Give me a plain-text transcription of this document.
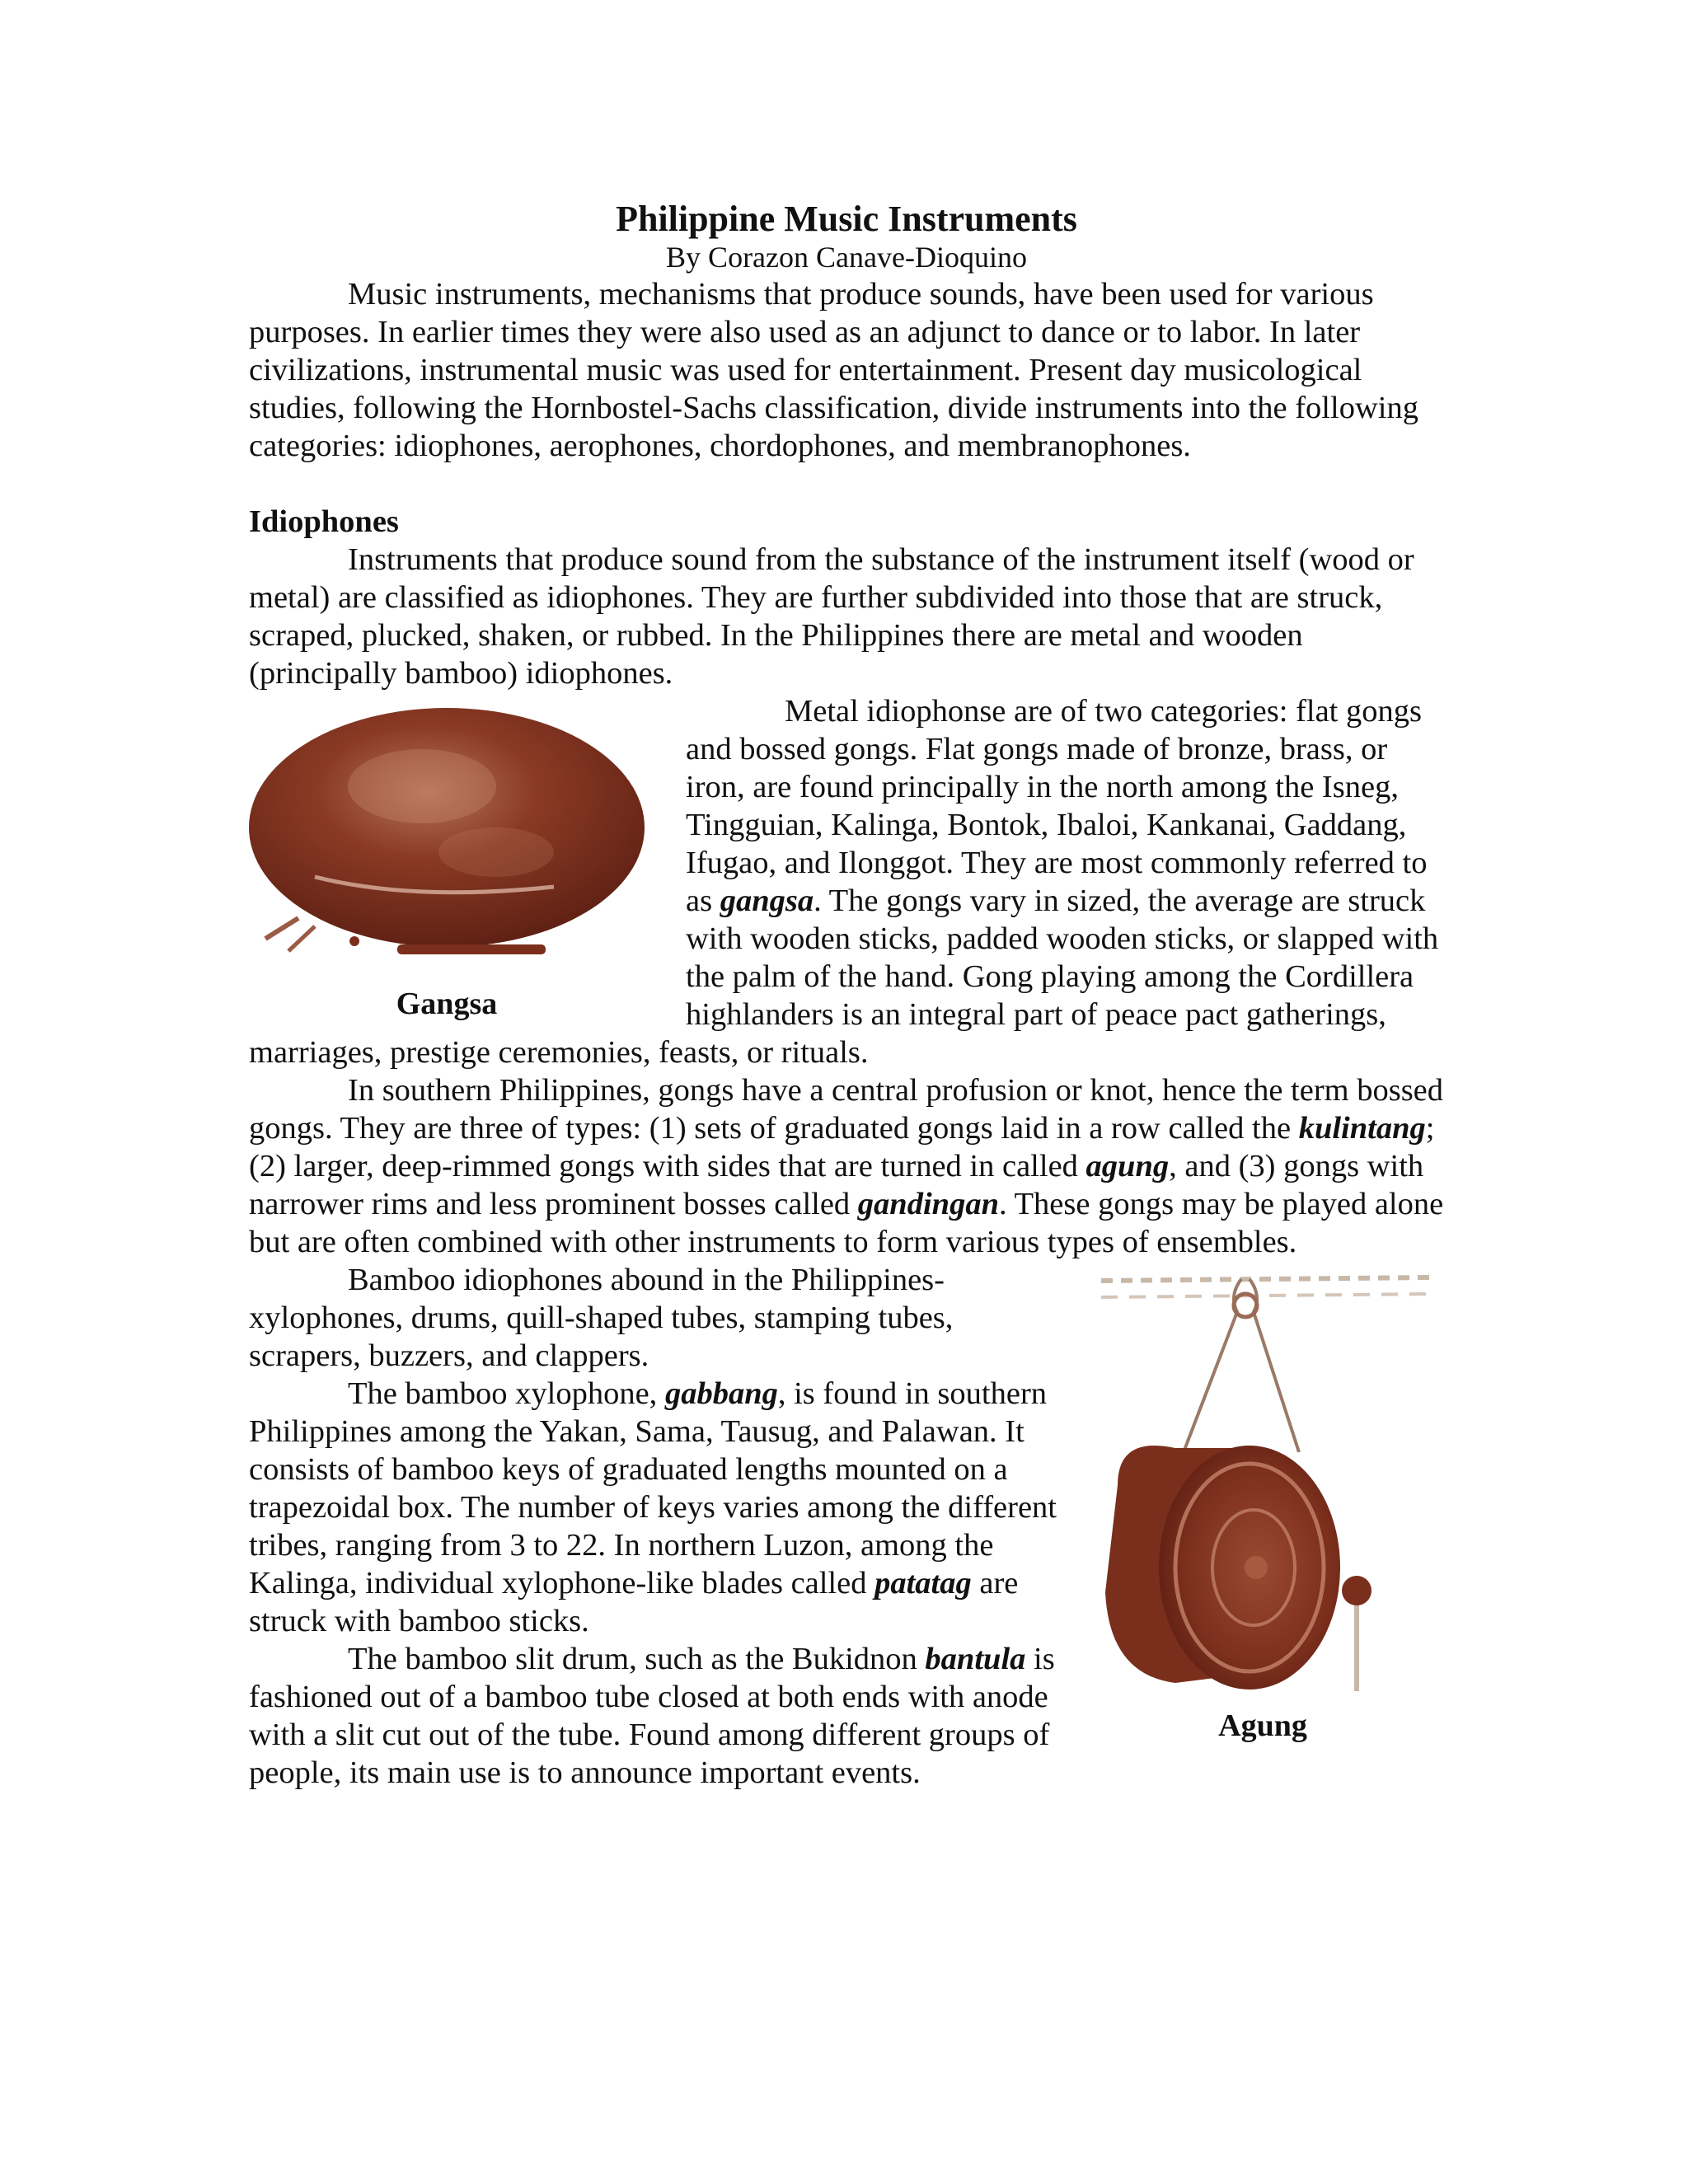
Philippine Music Instruments
By Corazon Canave-Dioquino

Music instruments, mechanisms that produce sounds, have been used for various purposes. In earlier times they were also used as an adjunct to dance or to labor. In later civilizations, instrumental music was used for entertainment. Present day musicological studies, following the Hornbostel-Sachs classification, divide instruments into the following categories: idiophones, aerophones, chordophones, and membranophones.

Idiophones

Instruments that produce sound from the substance of the instrument itself (wood or metal) are classified as idiophones. They are further subdivided into those that are struck, scraped, plucked, shaken, or rubbed. In the Philippines there are metal and wooden (principally bamboo) idiophones.

Gangsa

Metal idiophonse are of two categories: flat gongs and bossed gongs. Flat gongs made of bronze, brass, or iron, are found principally in the north among the Isneg, Tingguian, Kalinga, Bontok, Ibaloi, Kankanai, Gaddang, Ifugao, and Ilonggot. They are most commonly referred to as gangsa. The gongs vary in sized, the average are struck with wooden sticks, padded wooden sticks, or slapped with the palm of the hand. Gong playing among the Cordillera highlanders is an integral part of peace pact gatherings, marriages, prestige ceremonies, feasts, or rituals.

In southern Philippines, gongs have a central profusion or knot, hence the term bossed gongs. They are three of types: (1) sets of graduated gongs laid in a row called the kulintang; (2) larger, deep-rimmed gongs with sides that are turned in called agung, and (3) gongs with narrower rims and less prominent bosses called gandingan. These gongs may be played alone but are often combined with other instruments to form various types of ensembles.

Agung

Bamboo idiophones abound in the Philippines- xylophones, drums, quill-shaped tubes, stamping tubes, scrapers, buzzers, and clappers.

The bamboo xylophone, gabbang, is found in southern Philippines among the Yakan, Sama, Tausug, and Palawan. It consists of bamboo keys of graduated lengths mounted on a trapezoidal box. The number of keys varies among the different tribes, ranging from 3 to 22. In northern Luzon, among the Kalinga, individual xylophone-like blades called patatag are struck with bamboo sticks.

The bamboo slit drum, such as the Bukidnon bantula is fashioned out of a bamboo tube closed at both ends with anode with a slit cut out of the tube. Found among different groups of people, its main use is to announce important events.
